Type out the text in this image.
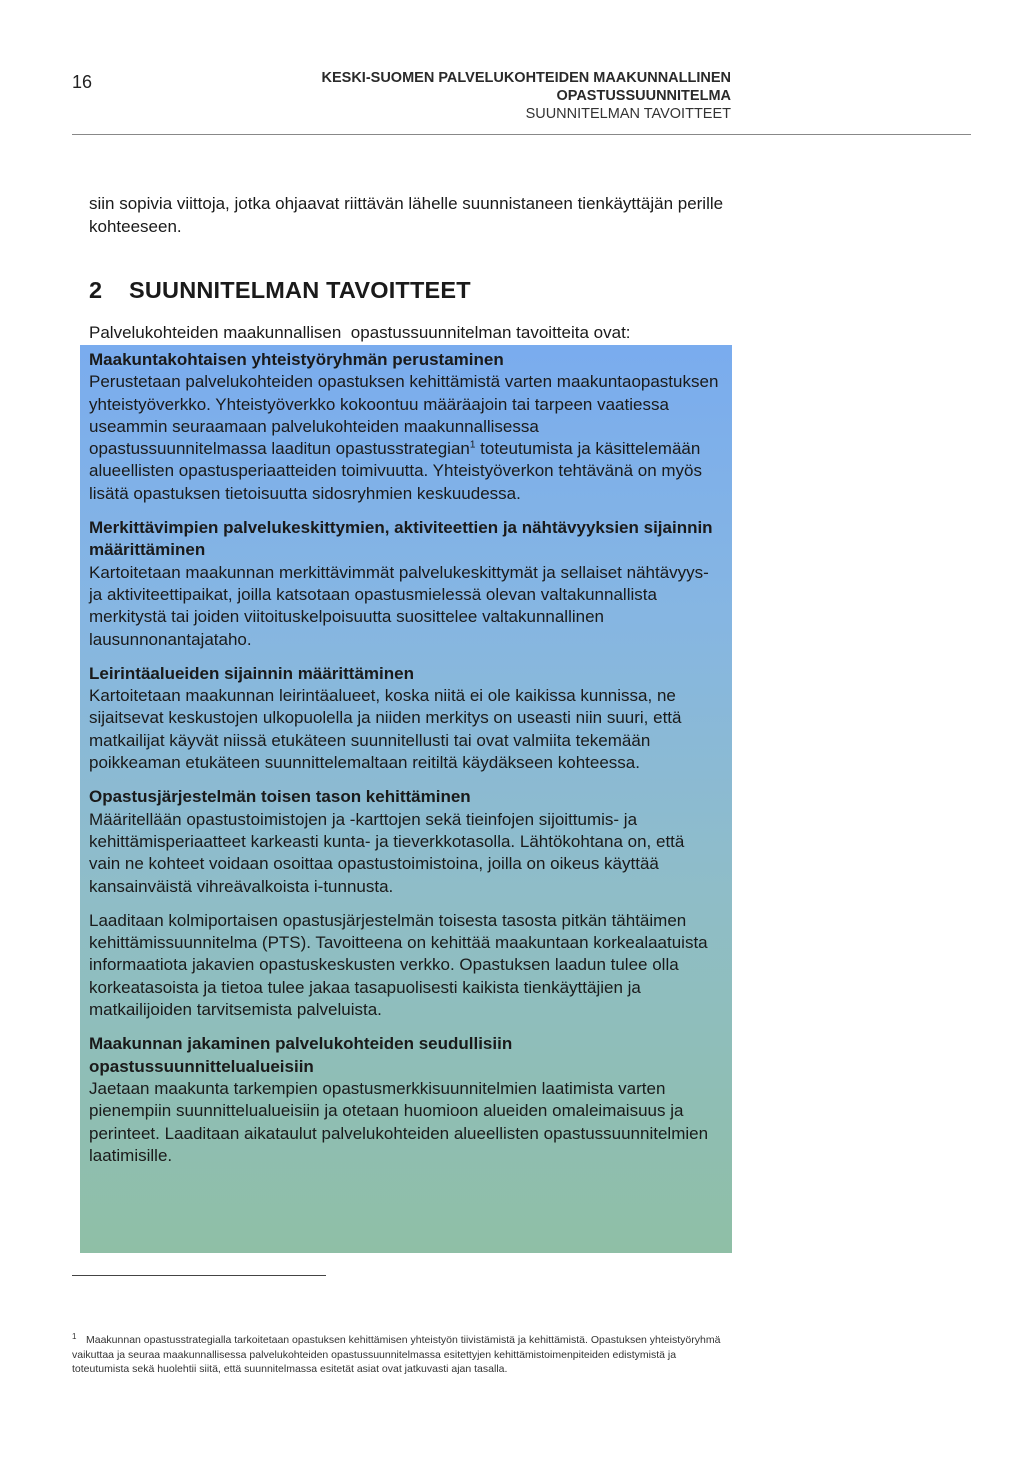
16	KESKI-SUOMEN PALVELUKOHTEIDEN MAAKUNNALLINEN
OPASTUSSUUNNITELMA
SUUNNITELMAN TAVOITTEET
siin sopivia viittoja, jotka ohjaavat riittävän lähelle suunnistaneen tienkäyttäjän perille kohteeseen.
2 SUUNNITELMAN TAVOITTEET
Palvelukohteiden maakunnallisen  opastussuunnitelman tavoitteita ovat:
Maakuntakohtaisen yhteistyöryhmän perustaminen
Perustetaan palvelukohteiden opastuksen kehittämistä varten maakuntaopastuksen yhteistyöverkko. Yhteistyöverkko kokoontuu määräajoin tai tarpeen vaatiessa useammin seuraamaan palvelukohteiden maakunnallisessa opastussuunnitelmassa laaditun opastusstrategian$^1$ toteutumista ja käsittelemään alueellisten opastusperiaatteiden toimivuutta. Yhteistyöverkon tehtävänä on myös lisätä opastuksen tietoisuutta sidosryhmien keskuudessa.
Merkittävimpien palvelukeskittymien, aktiviteettien ja nähtävyyksien sijainnin määrittäminen
Kartoitetaan maakunnan merkittävimmät palvelukeskittymät ja sellaiset nähtävyys- ja aktiviteettipaikat, joilla katsotaan opastusmielessä olevan valtakunnallista merkitystä tai joiden viitoituskelpoisuutta suosittelee valtakunnallinen lausunnonantajataho.
Leirintäalueiden sijainnin määrittäminen
Kartoitetaan maakunnan leirintäalueet, koska niitä ei ole kaikissa kunnissa, ne sijaitsevat keskustojen ulkopuolella ja niiden merkitys on useasti niin suuri, että matkailijat käyvät niissä etukäteen suunnitellusti tai ovat valmiita tekemään poikkeaman etukäteen suunnittelemaltaan reitiltä käydäkseen kohteessa.
Opastusjärjestelmän toisen tason kehittäminen
Määritellään opastustoimistojen ja -karttojen sekä tieinfojen sijoittumis- ja kehittämisperiaatteet karkeasti kunta- ja tieverkkotasolla. Lähtökohtana on, että vain ne kohteet voidaan osoittaa opastustoimistoina, joilla on oikeus käyttää kansainväistä vihreävalkoista i-tunnusta.
Laaditaan kolmiportaisen opastusjärjestelmän toisesta tasosta pitkän tähtäimen kehittämissuunnitelma (PTS). Tavoitteena on kehittää maakuntaan korkealaatuista informaatiota jakavien opastuskeskusten verkko. Opastuksen laadun tulee olla korkeatasoista ja tietoa tulee jakaa tasapuolisesti kaikista tienkäyttäjien ja matkailijoiden tarvitsemista palveluista.
Maakunnan jakaminen palvelukohteiden seudullisiin opastussuunnittelualueisiin
Jaetaan maakunta tarkempien opastusmerkkisuunnitelmien laatimista varten pienempiin suunnittelualueisiin ja otetaan huomioon alueiden omaleimaisuus ja perinteet. Laaditaan aikataulut palvelukohteiden alueellisten opastussuunnitelmien laatimisille.
1 Maakunnan opastusstrategialla tarkoitetaan opastuksen kehittämisen yhteistyön tiivistämistä ja kehittämistä. Opastuksen yhteistyöryhmä vaikuttaa ja seuraa maakunnallisessa palvelukohteiden opastussuunnitelmassa esitettyjen kehittämistoimenpiteiden edistymistä ja toteutumista sekä huolehtii siitä, että suunnitelmassa esitetät asiat ovat jatkuvasti ajan tasalla.
